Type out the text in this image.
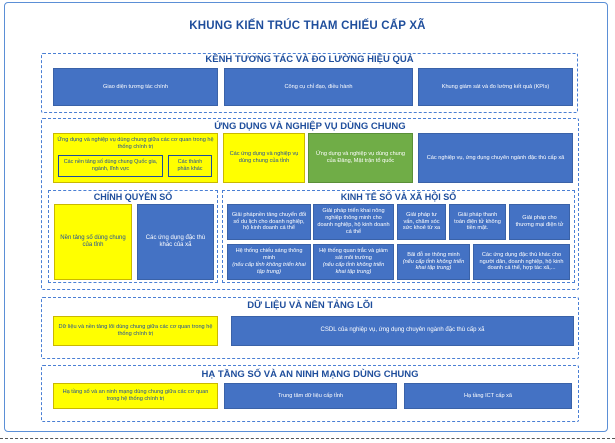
KHUNG KIẾN TRÚC THAM CHIẾU CẤP XÃ
KÊNH TƯƠNG TÁC VÀ ĐO LƯỜNG HIỆU QUẢ
Giao diện tương tác chính	Công cụ chỉ đạo, điều hành	Khung giám sát và đo lường kết quả (KPIs)
ỨNG DỤNG VÀ NGHIỆP VỤ DÙNG CHUNG
Ứng dụng và nghiệp vụ dùng chung giữa các cơ quan trong hệ thống chính trị
Các nền tảng số dùng chung Quốc gia, ngành, lĩnh vực
Các thành phần khác
Các ứng dụng và nghiệp vụ dùng chung của tỉnh
Ứng dụng và nghiệp vụ dùng chung của Đảng, Mặt trận tổ quốc
Các nghiệp vụ, ứng dụng chuyên ngành đặc thù cấp xã
CHÍNH QUYỀN SỐ
Nền tảng số dùng chung của tỉnh
Các ứng dụng đặc thù khác của xã
KINH TẾ SỐ VÀ XÃ HỘI SỐ
Giải phápnền tảng chuyển đổi số du lịch cho doanh nghiệp, hộ kinh doanh cá thể
Giải pháp triển khai nông nghiệp thông minh cho doanh nghiệp, hộ kinh doanh cá thể
Giải pháp tư vấn, chăm sóc sức khoẻ từ xa
Giải pháp thanh toán điện tử không tiền mặt.
Giải pháp cho thương mại điện tử
Hệ thống chiếu sáng thông minh
(nếu cấp tỉnh không triển khai tập trung)
Hệ thống quan trắc và giám sát môi trường
(nếu cấp tỉnh không triển khai tập trung)
Bãi đỗ xe thông minh
(nếu cấp tỉnh không triển khai tập trung)
Các ứng dụng đặc thù khác cho người dân, doanh nghiệp, hộ kinh doanh cá thể, hợp tác xã,...
DỮ LIỆU VÀ NỀN TẢNG LÕI
Dữ liệu và nền tảng lõi dùng chung giữa các cơ quan trong hệ thống chính trị
CSDL của nghiệp vụ, ứng dụng chuyên ngành đặc thù cấp xã
HẠ TẦNG SỐ VÀ AN NINH MẠNG DÙNG CHUNG
Hạ tầng số và an ninh mạng dùng chung giữa các cơ quan trong hệ thống chính trị
Trung tâm dữ liệu cấp tỉnh	Hạ tầng ICT cấp xã
